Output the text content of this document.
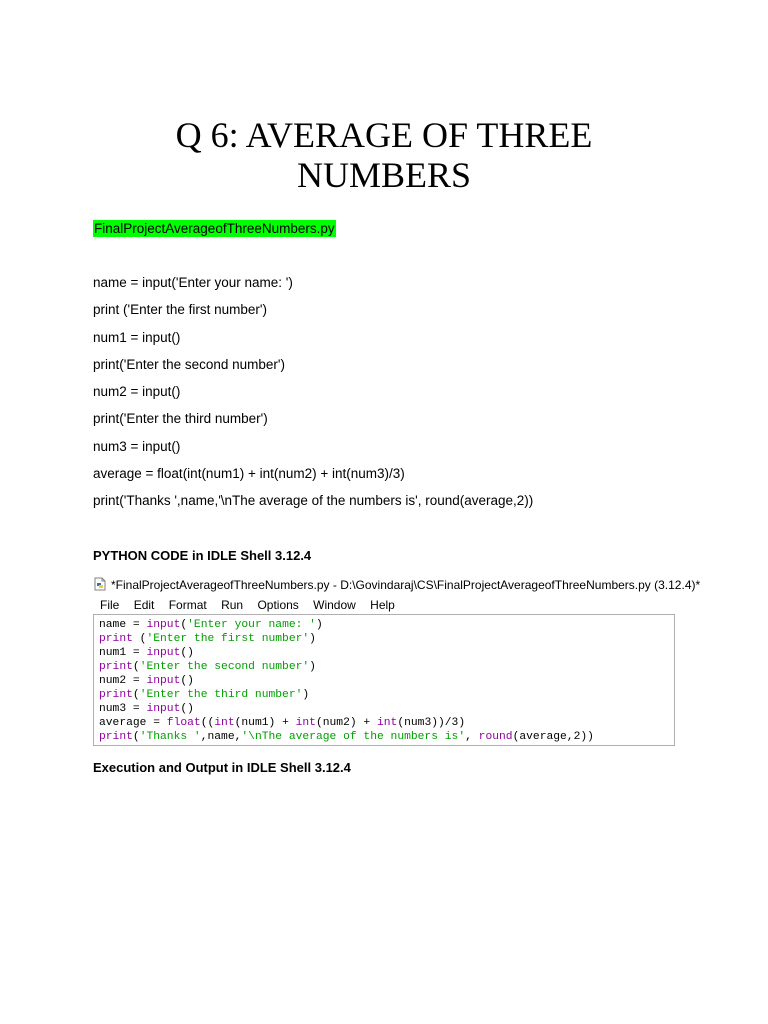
Q 6: AVERAGE OF THREE
NUMBERS
FinalProjectAverageofThreeNumbers.py
name = input('Enter your name: ')
print ('Enter the first number')
num1 = input()
print('Enter the second number')
num2 = input()
print('Enter the third number')
num3 = input()
average = float(int(num1) + int(num2) + int(num3)/3)
print('Thanks ',name,'\nThe average of the numbers is', round(average,2))

PYTHON CODE in IDLE Shell 3.12.4

*FinalProjectAverageofThreeNumbers.py - D:\Govindaraj\CS\FinalProjectAverageofThreeNumbers.py (3.12.4)*
File Edit Format Run Options Window Help
name = input('Enter your name: ')
print ('Enter the first number')
num1 = input()
print('Enter the second number')
num2 = input()
print('Enter the third number')
num3 = input()
average = float((int(num1) + int(num2) + int(num3))/3)
print('Thanks ',name,'\nThe average of the numbers is', round(average,2))

Execution and Output in IDLE Shell 3.12.4
